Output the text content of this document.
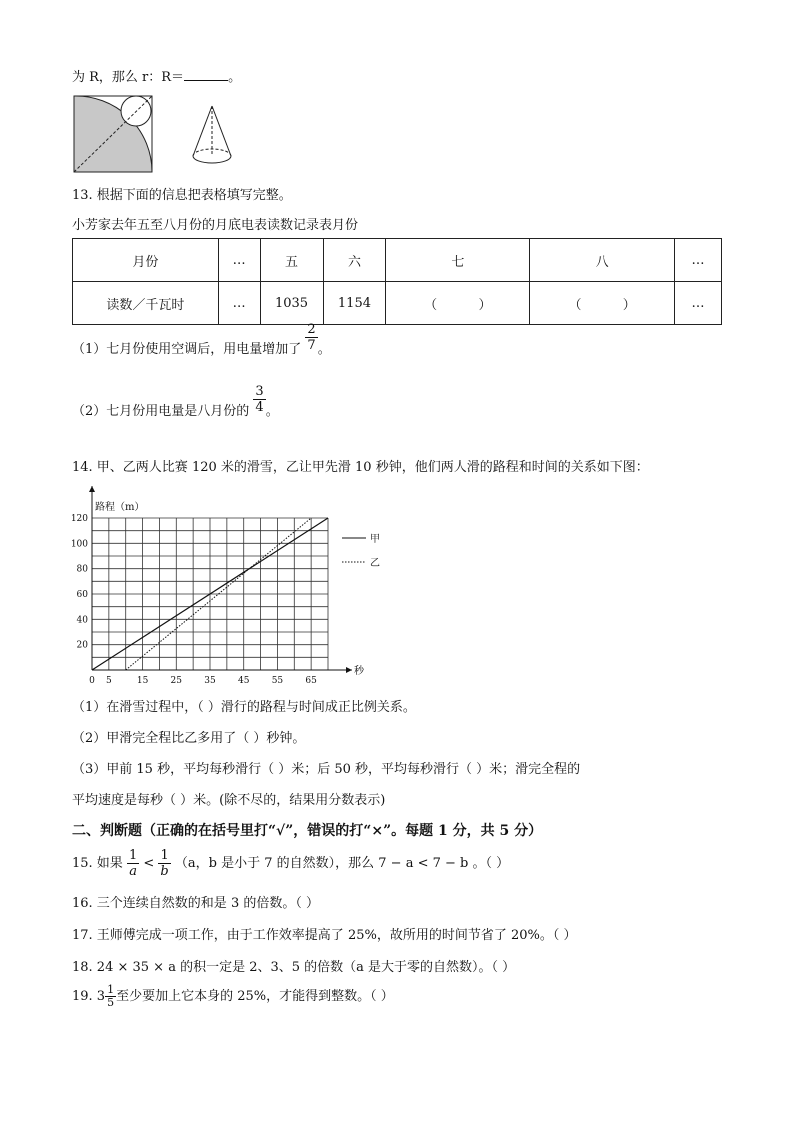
为 R，那么 r：R＝	。
13. 根据下面的信息把表格填写完整。
小芳家去年五至八月份的月底电表读数记录表月份
月份	…	五	六	七	八	…
读数／千瓦时	…	1035	1154	（          ）	（          ）	…
（1）七月份使用空调后，用电量增加了 $\frac{2}{7}$ 。
（2）七月份用电量是八月份的 $\frac{3}{4}$ 。
14. 甲、乙两人比赛 120 米的滑雪，乙让甲先滑 10 秒钟，他们两人滑的路程和时间的关系如下图：
路程（m）
秒
0 5	15 25 35 45 55 65
20
40
60
80
100
120
甲
乙
（1）在滑雪过程中，（ ）滑行的路程与时间成正比例关系。
（2）甲滑完全程比乙多用了（ ）秒钟。
（3）甲前 15 秒，平均每秒滑行（ ）米；后 50 秒，平均每秒滑行（ ）米；滑完全程的
平均速度是每秒（ ）米。(除不尽的，结果用分数表示)
二、判断题（正确的在括号里打“√”，错误的打“×”。每题 1 分，共 5 分）
15. 如果 $\frac{1}{a} < \frac{1}{b} (a$，b 是小于 7 的自然数），那么 7 − a < 7 − b 。（ ）
16. 三个连续自然数的和是 3 的倍数。（ ）
17. 王师傅完成一项工作，由于工作效率提高了 25%，故所用的时间节省了 20%。（ ）
18. 24 × 35 × a 的积一定是 2、3、5 的倍数（a 是大于零的自然数）。（ ）
19. $3 \frac{1}{5}$ 至少要加上它本身的 25%，才能得到整数。（ ）
